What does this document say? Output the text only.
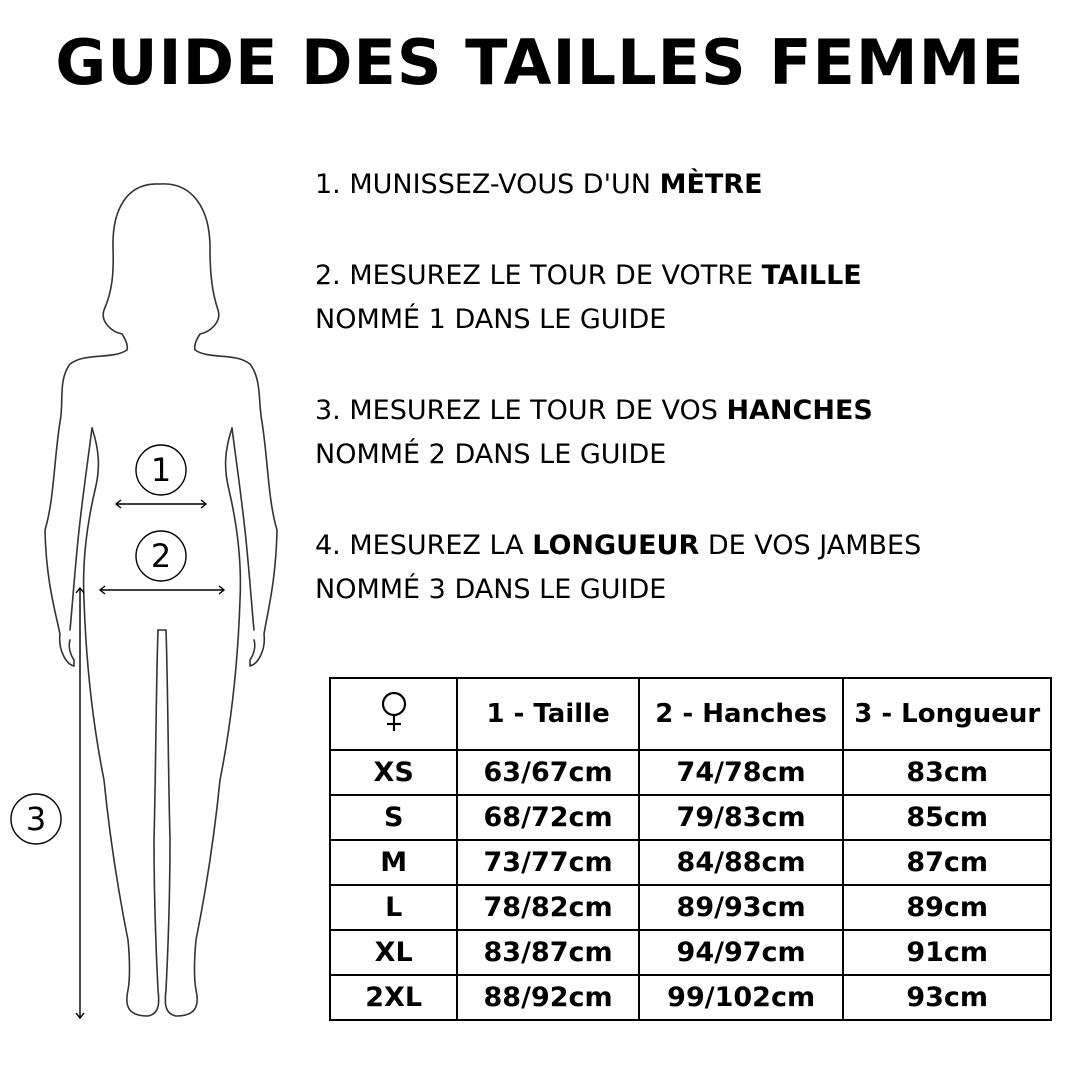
GUIDE DES TAILLES FEMME
1
2
3
1. MUNISSEZ-VOUS D'UN MÈTRE
2. MESUREZ LE TOUR DE VOTRE TAILLE
NOMMÉ 1 DANS LE GUIDE
3. MESUREZ LE TOUR DE VOS HANCHES
NOMMÉ 2 DANS LE GUIDE
4. MESUREZ LA LONGUEUR DE VOS JAMBES
NOMMÉ 3 DANS LE GUIDE
	1 - Taille	2 - Hanches	3 - Longueur
XS	63/67cm	74/78cm	83cm
S	68/72cm	79/83cm	85cm
M	73/77cm	84/88cm	87cm
L	78/82cm	89/93cm	89cm
XL	83/87cm	94/97cm	91cm
2XL	88/92cm	99/102cm	93cm
